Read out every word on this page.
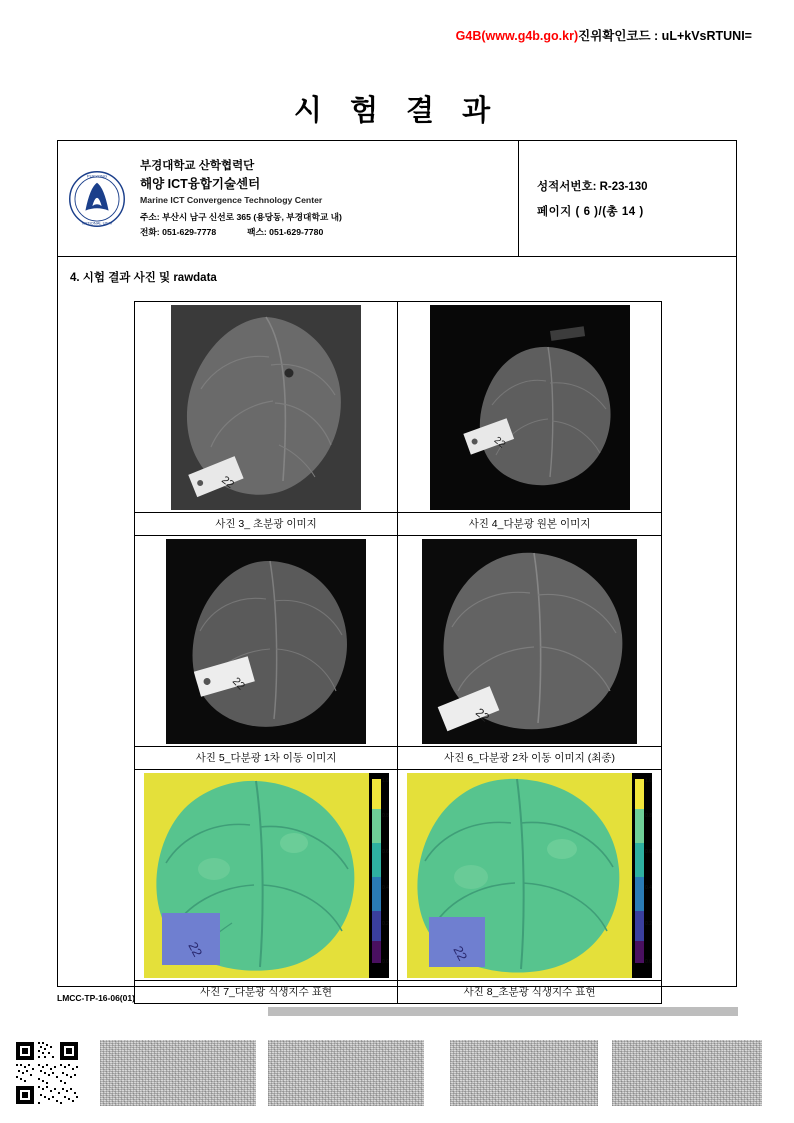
G4B(www.g4b.go.kr)진위확인코드 : uL+kVsRTUNI=
시 험 결 과
PUKYONG
NATIONAL UNIV
부경대학교 산학협력단
해양 ICT융합기술센터
Marine ICT Convergence Technology Center
주소: 부산시 남구 신선로 365 (용당동, 부경대학교 내)
전화: 051-629-7778	팩스: 051-629-7780
성적서번호: R-23-130
페이지 ( 6 )/(총 14 )
4. 시험 결과 사진 및 rawdata
22
사진 3_ 초분광 이미지
22
사진 4_다분광 원본 이미지
22
사진 5_다분광 1차 이동 이미지
22
사진 6_다분광 2차 이동 이미지 (최종)
22
1.0
0.8
0.6
0.4
0.2
0.0
사진 7_다분광 식생지수 표현
22
1.0
0.8
0.6
0.4
0.2
0.0
사진 8_초분광 식생지수 표현
LMCC-TP-16-06(01)
